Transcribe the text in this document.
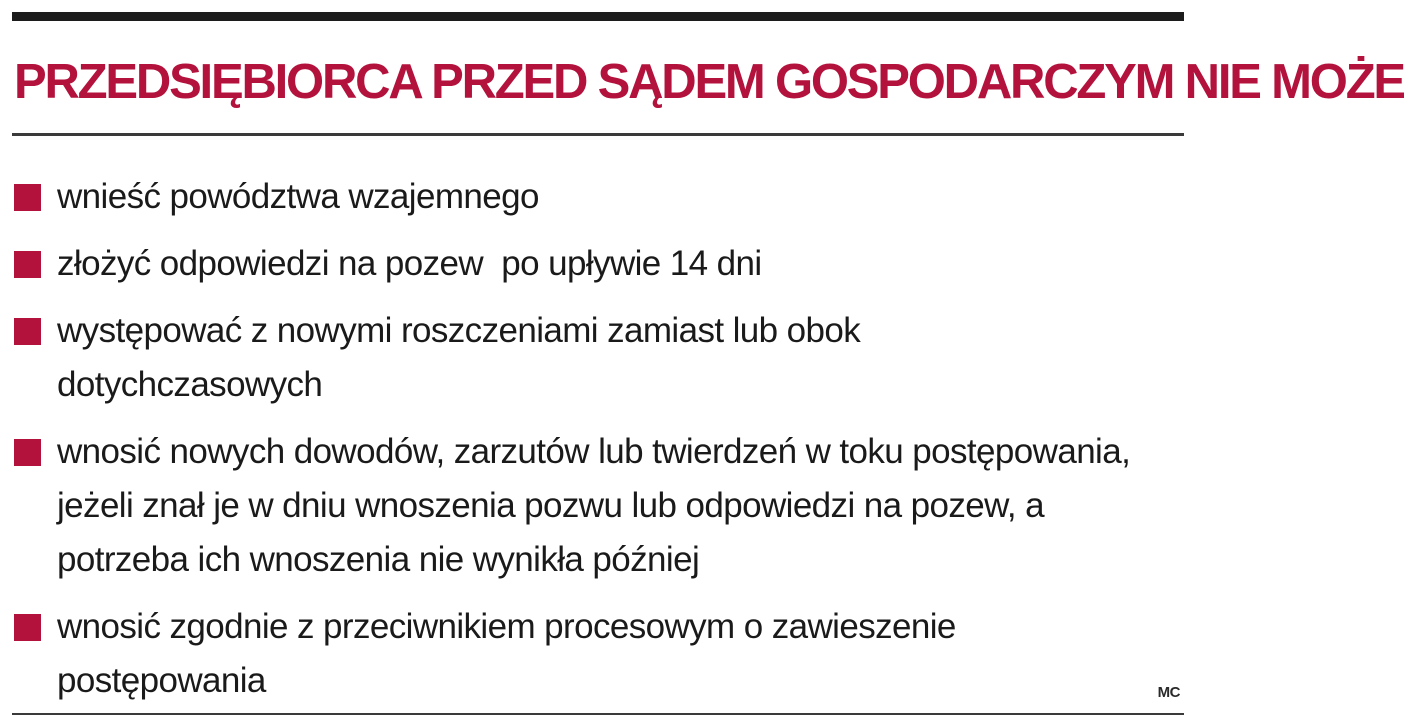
PRZEDSIĘBIORCA PRZED SĄDEM GOSPODARCZYM NIE MOŻE
wnieść powództwa wzajemnego
złożyć odpowiedzi na pozew  po upływie 14 dni
występować z nowymi roszczeniami zamiast lub obok dotychczasowych
wnosić nowych dowodów, zarzutów lub twierdzeń w toku postępowania, jeżeli znał je w dniu wnoszenia pozwu lub odpowiedzi na pozew, a potrzeba ich wnoszenia nie wynikła później
wnosić zgodnie z przeciwnikiem procesowym o zawieszenie postępowania	MC
